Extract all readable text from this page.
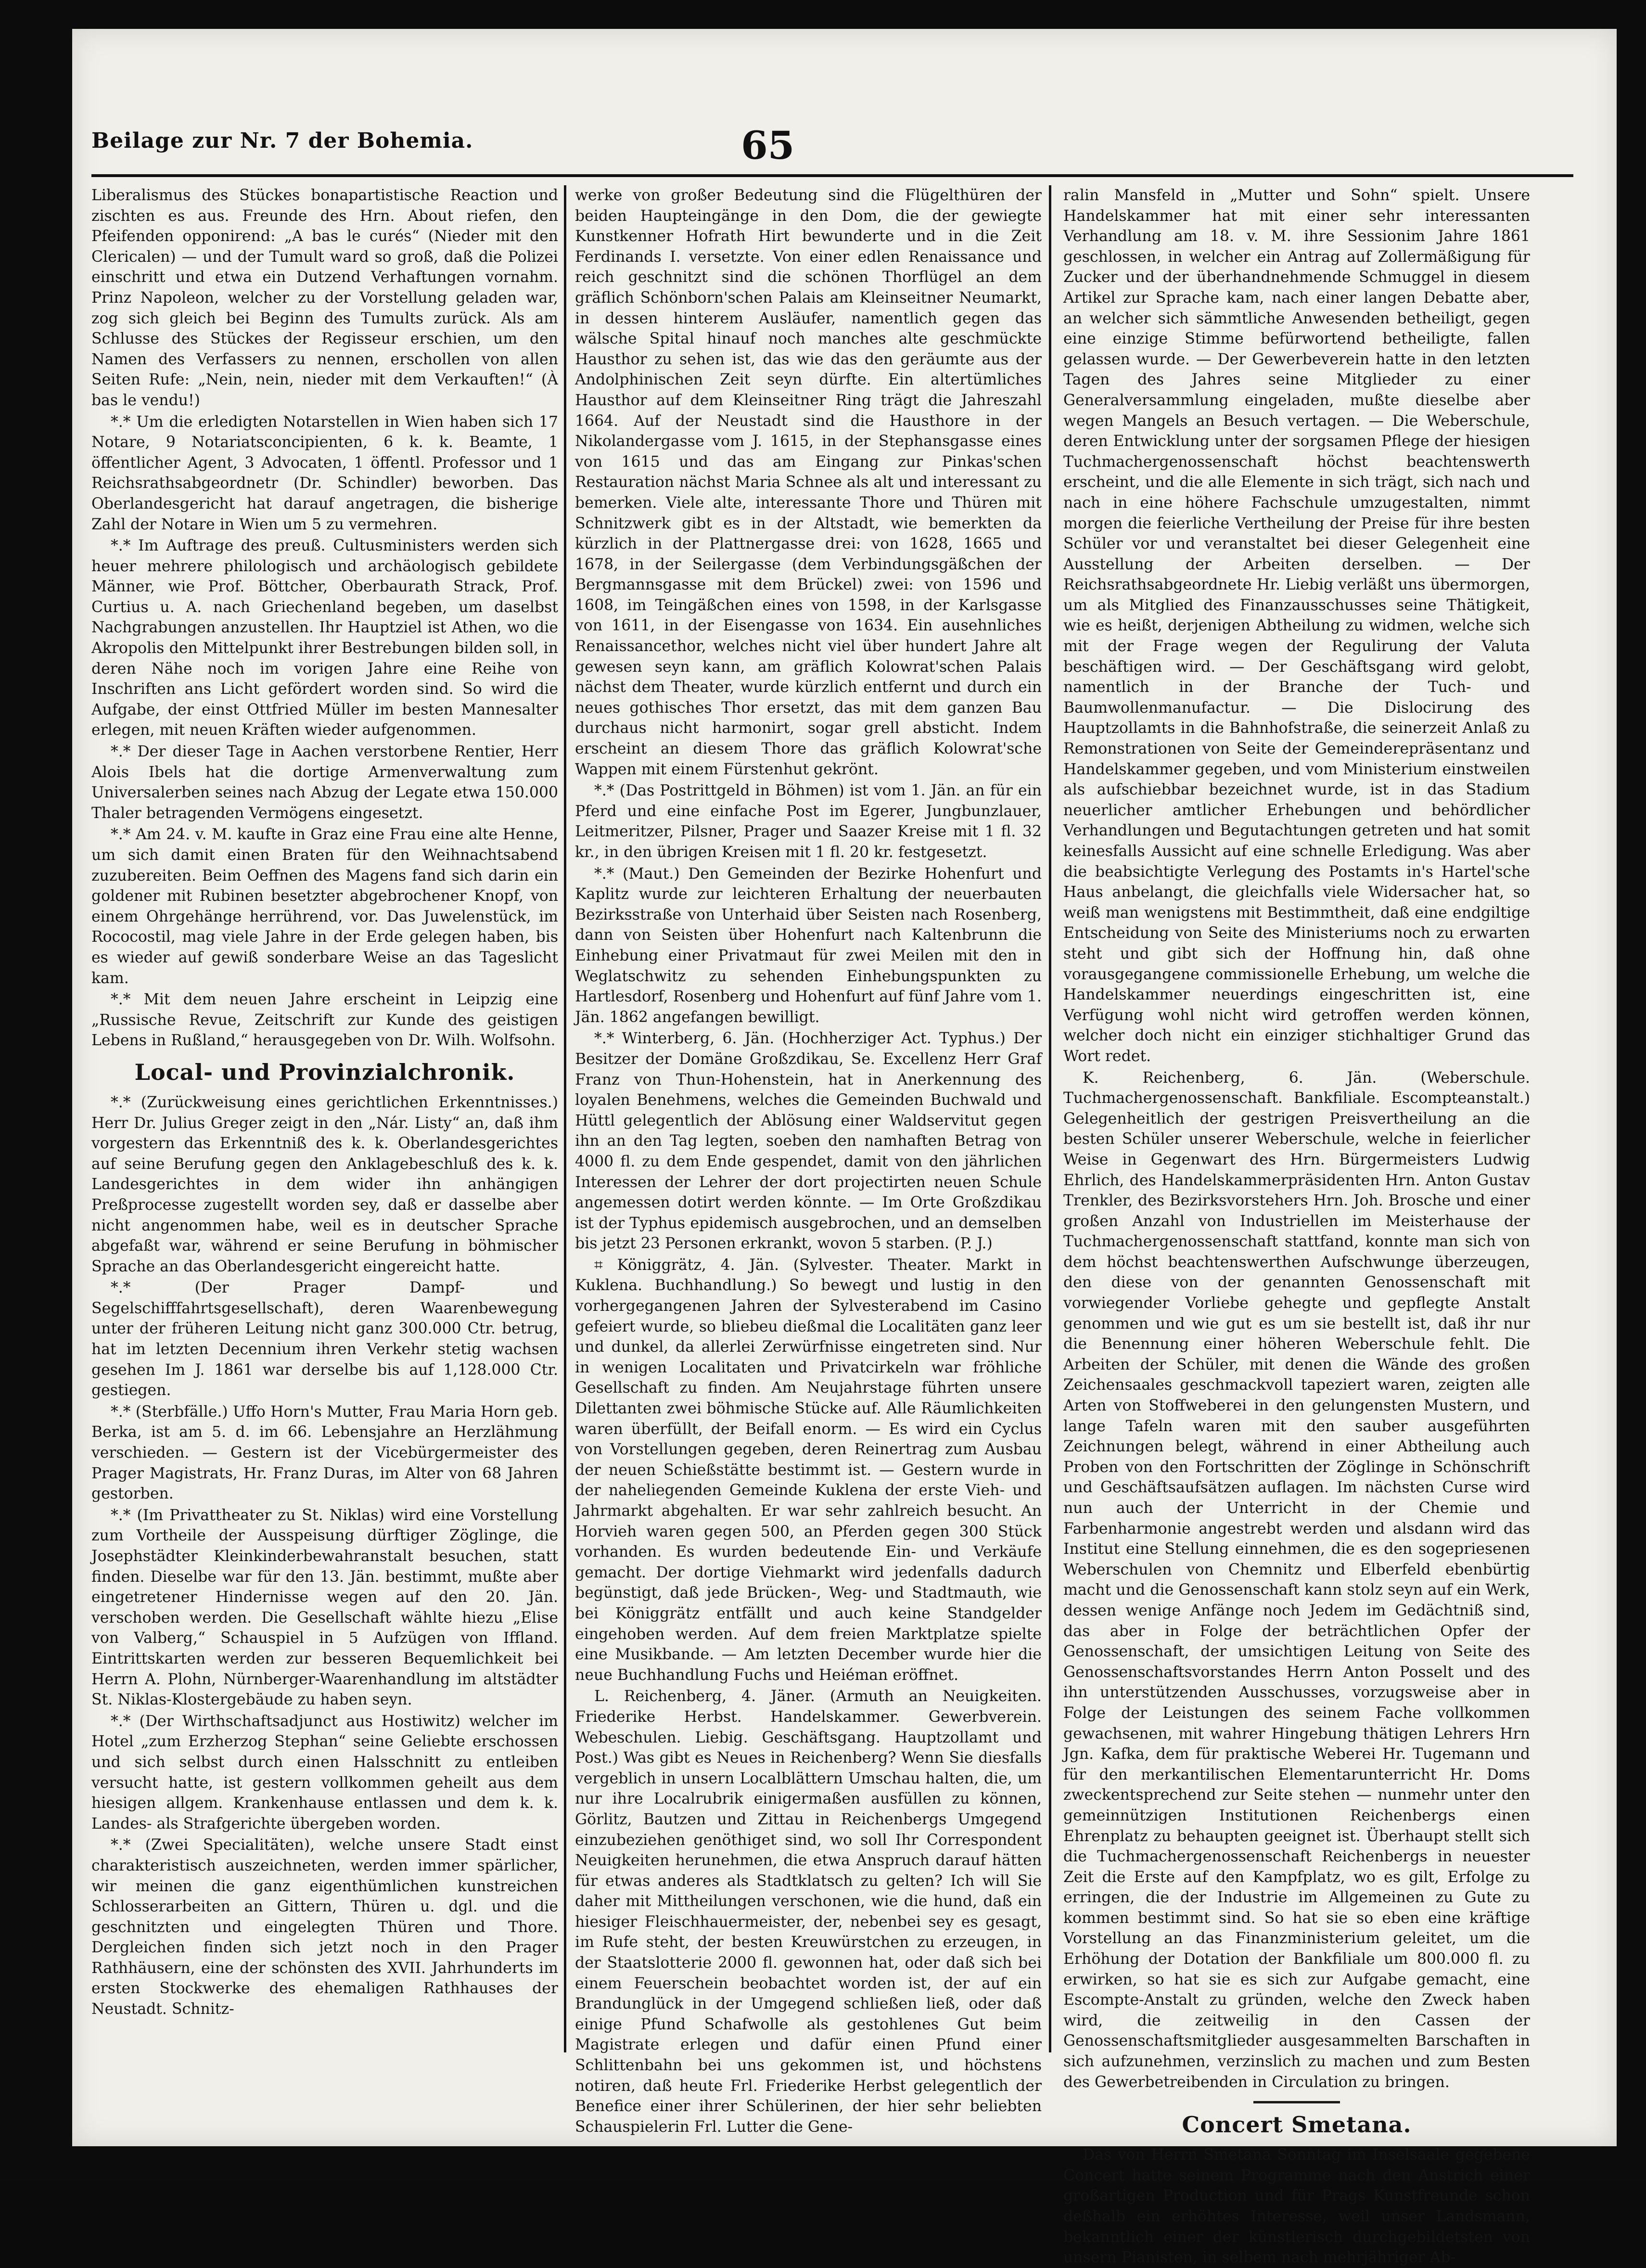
Beilage zur Nr. 7 der Bohemia.	65

Liberalismus des Stückes bonapartistische Reaction und zischten es aus. Freunde des Hrn. About riefen, den Pfeifenden opponirend: „A bas le curés“ (Nieder mit den Clericalen) — und der Tumult ward so groß, daß die Polizei einschritt und etwa ein Dutzend Verhaftungen vornahm. Prinz Napoleon, welcher zu der Vorstellung geladen war, zog sich gleich bei Beginn des Tumults zurück. Als am Schlusse des Stückes der Regisseur erschien, um den Namen des Verfassers zu nennen, erschollen von allen Seiten Rufe: „Nein, nein, nieder mit dem Verkauften!“ (À bas le vendu!)

*.* Um die erledigten Notarstellen in Wien haben sich 17 Notare, 9 Notariatsconcipienten, 6 k. k. Beamte, 1 öffentlicher Agent, 3 Advocaten, 1 öffentl. Professor und 1 Reichsrathsabgeordnetr (Dr. Schindler) beworben. Das Oberlandesgericht hat darauf angetragen, die bisherige Zahl der Notare in Wien um 5 zu vermehren.

*.* Im Auftrage des preuß. Cultusministers werden sich heuer mehrere philologisch und archäologisch gebildete Männer, wie Prof. Böttcher, Oberbaurath Strack, Prof. Curtius u. A. nach Griechenland begeben, um daselbst Nachgrabungen anzustellen. Ihr Hauptziel ist Athen, wo die Akropolis den Mittelpunkt ihrer Bestrebungen bilden soll, in deren Nähe noch im vorigen Jahre eine Reihe von Inschriften ans Licht gefördert worden sind. So wird die Aufgabe, der einst Ottfried Müller im besten Mannesalter erlegen, mit neuen Kräften wieder aufgenommen.

*.* Der dieser Tage in Aachen verstorbene Rentier, Herr Alois Ibels hat die dortige Armenverwaltung zum Universalerben seines nach Abzug der Legate etwa 150.000 Thaler betragenden Vermögens eingesetzt.

*.* Am 24. v. M. kaufte in Graz eine Frau eine alte Henne, um sich damit einen Braten für den Weihnachtsabend zuzubereiten. Beim Oeffnen des Magens fand sich darin ein goldener mit Rubinen besetzter abgebrochener Knopf, von einem Ohrgehänge herrührend, vor. Das Juwelenstück, im Rococostil, mag viele Jahre in der Erde gelegen haben, bis es wieder auf gewiß sonderbare Weise an das Tageslicht kam.

*.* Mit dem neuen Jahre erscheint in Leipzig eine „Russische Revue, Zeitschrift zur Kunde des geistigen Lebens in Rußland,“ herausgegeben von Dr. Wilh. Wolfsohn.

Local- und Provinzialchronik.

*.* (Zurückweisung eines gerichtlichen Erkenntnisses.) Herr Dr. Julius Greger zeigt in den „Nár. Listy“ an, daß ihm vorgestern das Erkenntniß des k. k. Oberlandesgerichtes auf seine Berufung gegen den Anklagebeschluß des k. k. Landesgerichtes in dem wider ihn anhängigen Preßprocesse zugestellt worden sey, daß er dasselbe aber nicht angenommen habe, weil es in deutscher Sprache abgefaßt war, während er seine Berufung in böhmischer Sprache an das Oberlandesgericht eingereicht hatte.

*.* (Der Prager Dampf- und Segelschifffahrtsgesellschaft), deren Waarenbewegung unter der früheren Leitung nicht ganz 300.000 Ctr. betrug, hat im letzten Decennium ihren Verkehr stetig wachsen gesehen Im J. 1861 war derselbe bis auf 1,128.000 Ctr. gestiegen.

*.* (Sterbfälle.) Uffo Horn's Mutter, Frau Maria Horn geb. Berka, ist am 5. d. im 66. Lebensjahre an Herzlähmung verschieden. — Gestern ist der Vicebürgermeister des Prager Magistrats, Hr. Franz Duras, im Alter von 68 Jahren gestorben.

*.* (Im Privattheater zu St. Niklas) wird eine Vorstellung zum Vortheile der Ausspeisung dürftiger Zöglinge, die Josephstädter Kleinkinderbewahranstalt besuchen, statt finden. Dieselbe war für den 13. Jän. bestimmt, mußte aber eingetretener Hindernisse wegen auf den 20. Jän. verschoben werden. Die Gesellschaft wählte hiezu „Elise von Valberg,“ Schauspiel in 5 Aufzügen von Iffland. Eintrittskarten werden zur besseren Bequemlichkeit bei Herrn A. Plohn, Nürnberger-Waarenhandlung im altstädter St. Niklas-Klostergebäude zu haben seyn.

*.* (Der Wirthschaftsadjunct aus Hostiwitz) welcher im Hotel „zum Erzherzog Stephan“ seine Geliebte erschossen und sich selbst durch einen Halsschnitt zu entleiben versucht hatte, ist gestern vollkommen geheilt aus dem hiesigen allgem. Krankenhause entlassen und dem k. k. Landes- als Strafgerichte übergeben worden.

*.* (Zwei Specialitäten), welche unsere Stadt einst charakteristisch auszeichneten, werden immer spärlicher, wir meinen die ganz eigenthümlichen kunstreichen Schlosserarbeiten an Gittern, Thüren u. dgl. und die geschnitzten und eingelegten Thüren und Thore. Dergleichen finden sich jetzt noch in den Prager Rathhäusern, eine der schönsten des XVII. Jahrhunderts im ersten Stockwerke des ehemaligen Rathhauses der Neustadt. Schnitz-

werke von großer Bedeutung sind die Flügelthüren der beiden Haupteingänge in den Dom, die der gewiegte Kunstkenner Hofrath Hirt bewunderte und in die Zeit Ferdinands I. versetzte. Von einer edlen Renaissance und reich geschnitzt sind die schönen Thorflügel an dem gräflich Schönborn'schen Palais am Kleinseitner Neumarkt, in dessen hinterem Ausläufer, namentlich gegen das wälsche Spital hinauf noch manches alte geschmückte Hausthor zu sehen ist, das wie das den geräumte aus der Andolphinischen Zeit seyn dürfte. Ein altertümliches Hausthor auf dem Kleinseitner Ring trägt die Jahreszahl 1664. Auf der Neustadt sind die Hausthore in der Nikolandergasse vom J. 1615, in der Stephansgasse eines von 1615 und das am Eingang zur Pinkas'schen Restauration nächst Maria Schnee als alt und interessant zu bemerken. Viele alte, interessante Thore und Thüren mit Schnitzwerk gibt es in der Altstadt, wie bemerkten da kürzlich in der Plattnergasse drei: von 1628, 1665 und 1678, in der Seilergasse (dem Verbindungsgäßchen der Bergmannsgasse mit dem Brückel) zwei: von 1596 und 1608, im Teingäßchen eines von 1598, in der Karlsgasse von 1611, in der Eisengasse von 1634. Ein ausehnliches Renaissancethor, welches nicht viel über hundert Jahre alt gewesen seyn kann, am gräflich Kolowrat'schen Palais nächst dem Theater, wurde kürzlich entfernt und durch ein neues gothisches Thor ersetzt, das mit dem ganzen Bau durchaus nicht harmonirt, sogar grell absticht. Indem erscheint an diesem Thore das gräflich Kolowrat'sche Wappen mit einem Fürstenhut gekrönt.

*.* (Das Postrittgeld in Böhmen) ist vom 1. Jän. an für ein Pferd und eine einfache Post im Egerer, Jungbunzlauer, Leitmeritzer, Pilsner, Prager und Saazer Kreise mit 1 fl. 32 kr., in den übrigen Kreisen mit 1 fl. 20 kr. festgesetzt.

*.* (Maut.) Den Gemeinden der Bezirke Hohenfurt und Kaplitz wurde zur leichteren Erhaltung der neuerbauten Bezirksstraße von Unterhaid über Seisten nach Rosenberg, dann von Seisten über Hohenfurt nach Kaltenbrunn die Einhebung einer Privatmaut für zwei Meilen mit den in Weglatschwitz zu sehenden Einhebungspunkten zu Hartlesdorf, Rosenberg und Hohenfurt auf fünf Jahre vom 1. Jän. 1862 angefangen bewilligt.

*.* Winterberg, 6. Jän. (Hochherziger Act. Typhus.) Der Besitzer der Domäne Großzdikau, Se. Excellenz Herr Graf Franz von Thun-Hohenstein, hat in Anerkennung des loyalen Benehmens, welches die Gemeinden Buchwald und Hüttl gelegentlich der Ablösung einer Waldservitut gegen ihn an den Tag legten, soeben den namhaften Betrag von 4000 fl. zu dem Ende gespendet, damit von den jährlichen Interessen der Lehrer der dort projectirten neuen Schule angemessen dotirt werden könnte. — Im Orte Großzdikau ist der Typhus epidemisch ausgebrochen, und an demselben bis jetzt 23 Personen erkrankt, wovon 5 starben. (P. J.)

⌗ Königgrätz, 4. Jän. (Sylvester. Theater. Markt in Kuklena. Buchhandlung.) So bewegt und lustig in den vorhergegangenen Jahren der Sylvesterabend im Casino gefeiert wurde, so bliebeu dießmal die Localitäten ganz leer und dunkel, da allerlei Zerwürfnisse eingetreten sind. Nur in wenigen Localitaten und Privatcirkeln war fröhliche Gesellschaft zu finden. Am Neujahrstage führten unsere Dilettanten zwei böhmische Stücke auf. Alle Räumlichkeiten waren überfüllt, der Beifall enorm. — Es wird ein Cyclus von Vorstellungen gegeben, deren Reinertrag zum Ausbau der neuen Schießstätte bestimmt ist. — Gestern wurde in der naheliegenden Gemeinde Kuklena der erste Vieh- und Jahrmarkt abgehalten. Er war sehr zahlreich besucht. An Horvieh waren gegen 500, an Pferden gegen 300 Stück vorhanden. Es wurden bedeutende Ein- und Verkäufe gemacht. Der dortige Viehmarkt wird jedenfalls dadurch begünstigt, daß jede Brücken-, Weg- und Stadtmauth, wie bei Königgrätz entfällt und auch keine Standgelder eingehoben werden. Auf dem freien Marktplatze spielte eine Musikbande. — Am letzten December wurde hier die neue Buchhandlung Fuchs und Heiéman eröffnet.

L. Reichenberg, 4. Jäner. (Armuth an Neuigkeiten. Friederike Herbst. Handelskammer. Gewerbverein. Webeschulen. Liebig. Geschäftsgang. Hauptzollamt und Post.) Was gibt es Neues in Reichenberg? Wenn Sie diesfalls vergeblich in unsern Localblättern Umschau halten, die, um nur ihre Localrubrik einigermaßen ausfüllen zu können, Görlitz, Bautzen und Zittau in Reichenbergs Umgegend einzubeziehen genöthiget sind, wo soll Ihr Correspondent Neuigkeiten herunehmen, die etwa Anspruch darauf hätten für etwas anderes als Stadtklatsch zu gelten? Ich will Sie daher mit Mittheilungen verschonen, wie die hund, daß ein hiesiger Fleischhauermeister, der, nebenbei sey es gesagt, im Rufe steht, der besten Kreuwürstchen zu erzeugen, in der Staatslotterie 2000 fl. gewonnen hat, oder daß sich bei einem Feuerschein beobachtet worden ist, der auf ein Brandunglück in der Umgegend schließen ließ, oder daß einige Pfund Schafwolle als gestohlenes Gut beim Magistrate erlegen und dafür einen Pfund einer Schlittenbahn bei uns gekommen ist, und höchstens notiren, daß heute Frl. Friederike Herbst gelegentlich der Benefice einer ihrer Schülerinen, der hier sehr beliebten Schauspielerin Frl. Lutter die Gene-

ralin Mansfeld in „Mutter und Sohn“ spielt. Unsere Handelskammer hat mit einer sehr interessanten Verhandlung am 18. v. M. ihre Sessionim Jahre 1861 geschlossen, in welcher ein Antrag auf Zollermäßigung für Zucker und der überhandnehmende Schmuggel in diesem Artikel zur Sprache kam, nach einer langen Debatte aber, an welcher sich sämmtliche Anwesenden betheiligt, gegen eine einzige Stimme befürwortend betheiligte, fallen gelassen wurde. — Der Gewerbeverein hatte in den letzten Tagen des Jahres seine Mitglieder zu einer Generalversammlung eingeladen, mußte dieselbe aber wegen Mangels an Besuch vertagen. — Die Weberschule, deren Entwicklung unter der sorgsamen Pflege der hiesigen Tuchmachergenossenschaft höchst beachtenswerth erscheint, und die alle Elemente in sich trägt, sich nach und nach in eine höhere Fachschule umzugestalten, nimmt morgen die feierliche Vertheilung der Preise für ihre besten Schüler vor und veranstaltet bei dieser Gelegenheit eine Ausstellung der Arbeiten derselben. — Der Reichsrathsabgeordnete Hr. Liebig verläßt uns übermorgen, um als Mitglied des Finanzausschusses seine Thätigkeit, wie es heißt, derjenigen Abtheilung zu widmen, welche sich mit der Frage wegen der Regulirung der Valuta beschäftigen wird. — Der Geschäftsgang wird gelobt, namentlich in der Branche der Tuch- und Baumwollenmanufactur. — Die Dislocirung des Hauptzollamts in die Bahnhofstraße, die seinerzeit Anlaß zu Remonstrationen von Seite der Gemeinderepräsentanz und Handelskammer gegeben, und vom Ministerium einstweilen als aufschiebbar bezeichnet wurde, ist in das Stadium neuerlicher amtlicher Erhebungen und behördlicher Verhandlungen und Begutachtungen getreten und hat somit keinesfalls Aussicht auf eine schnelle Erledigung. Was aber die beabsichtigte Verlegung des Postamts in's Hartel'sche Haus anbelangt, die gleichfalls viele Widersacher hat, so weiß man wenigstens mit Bestimmtheit, daß eine endgiltige Entscheidung von Seite des Ministeriums noch zu erwarten steht und gibt sich der Hoffnung hin, daß ohne vorausgegangene commissionelle Erhebung, um welche die Handelskammer neuerdings eingeschritten ist, eine Verfügung wohl nicht wird getroffen werden können, welcher doch nicht ein einziger stichhaltiger Grund das Wort redet.

K. Reichenberg, 6. Jän. (Weberschule. Tuchmachergenossenschaft. Bankfiliale. Escompteanstalt.) Gelegenheitlich der gestrigen Preisvertheilung an die besten Schüler unserer Weberschule, welche in feierlicher Weise in Gegenwart des Hrn. Bürgermeisters Ludwig Ehrlich, des Handelskammerpräsidenten Hrn. Anton Gustav Trenkler, des Bezirksvorstehers Hrn. Joh. Brosche und einer großen Anzahl von Industriellen im Meisterhause der Tuchmachergenossenschaft stattfand, konnte man sich von dem höchst beachtenswerthen Aufschwunge überzeugen, den diese von der genannten Genossenschaft mit vorwiegender Vorliebe gehegte und gepflegte Anstalt genommen und wie gut es um sie bestellt ist, daß ihr nur die Benennung einer höheren Weberschule fehlt. Die Arbeiten der Schüler, mit denen die Wände des großen Zeichensaales geschmackvoll tapeziert waren, zeigten alle Arten von Stoffweberei in den gelungensten Mustern, und lange Tafeln waren mit den sauber ausgeführten Zeichnungen belegt, während in einer Abtheilung auch Proben von den Fortschritten der Zöglinge in Schönschrift und Geschäftsaufsätzen auflagen. Im nächsten Curse wird nun auch der Unterricht in der Chemie und Farbenharmonie angestrebt werden und alsdann wird das Institut eine Stellung einnehmen, die es den sogepriesenen Weberschulen von Chemnitz und Elberfeld ebenbürtig macht und die Genossenschaft kann stolz seyn auf ein Werk, dessen wenige Anfänge noch Jedem im Gedächtniß sind, das aber in Folge der beträchtlichen Opfer der Genossenschaft, der umsichtigen Leitung von Seite des Genossenschaftsvorstandes Herrn Anton Posselt und des ihn unterstützenden Ausschusses, vorzugsweise aber in Folge der Leistungen des seinem Fache vollkommen gewachsenen, mit wahrer Hingebung thätigen Lehrers Hrn Jgn. Kafka, dem für praktische Weberei Hr. Tugemann und für den merkantilischen Elementarunterricht Hr. Doms zweckentsprechend zur Seite stehen — nunmehr unter den gemeinnützigen Institutionen Reichenbergs einen Ehrenplatz zu behaupten geeignet ist. Überhaupt stellt sich die Tuchmachergenossenschaft Reichenbergs in neuester Zeit die Erste auf den Kampfplatz, wo es gilt, Erfolge zu erringen, die der Industrie im Allgemeinen zu Gute zu kommen bestimmt sind. So hat sie so eben eine kräftige Vorstellung an das Finanzministerium geleitet, um die Erhöhung der Dotation der Bankfiliale um 800.000 fl. zu erwirken, so hat sie es sich zur Aufgabe gemacht, eine Escompte-Anstalt zu gründen, welche den Zweck haben wird, die zeitweilig in den Cassen der Genossenschaftsmitglieder ausgesammelten Barschaften in sich aufzunehmen, verzinslich zu machen und zum Besten des Gewerbetreibenden in Circulation zu bringen.

Concert Smetana.

Das von Herrn Smetana Sonntag im Inselsaale gegebene Concert hatte seinem Programme nach den Anstrich einer großartigen Production und für Prags Kunstfreunde schon deßhalb ein erhöhtes Interesse, weil unser Landsmann, bekanntlich einer der künstlerisch durchgebildetsten von unsern Pianisten, in selbem nach mehrjähriger Ab-
